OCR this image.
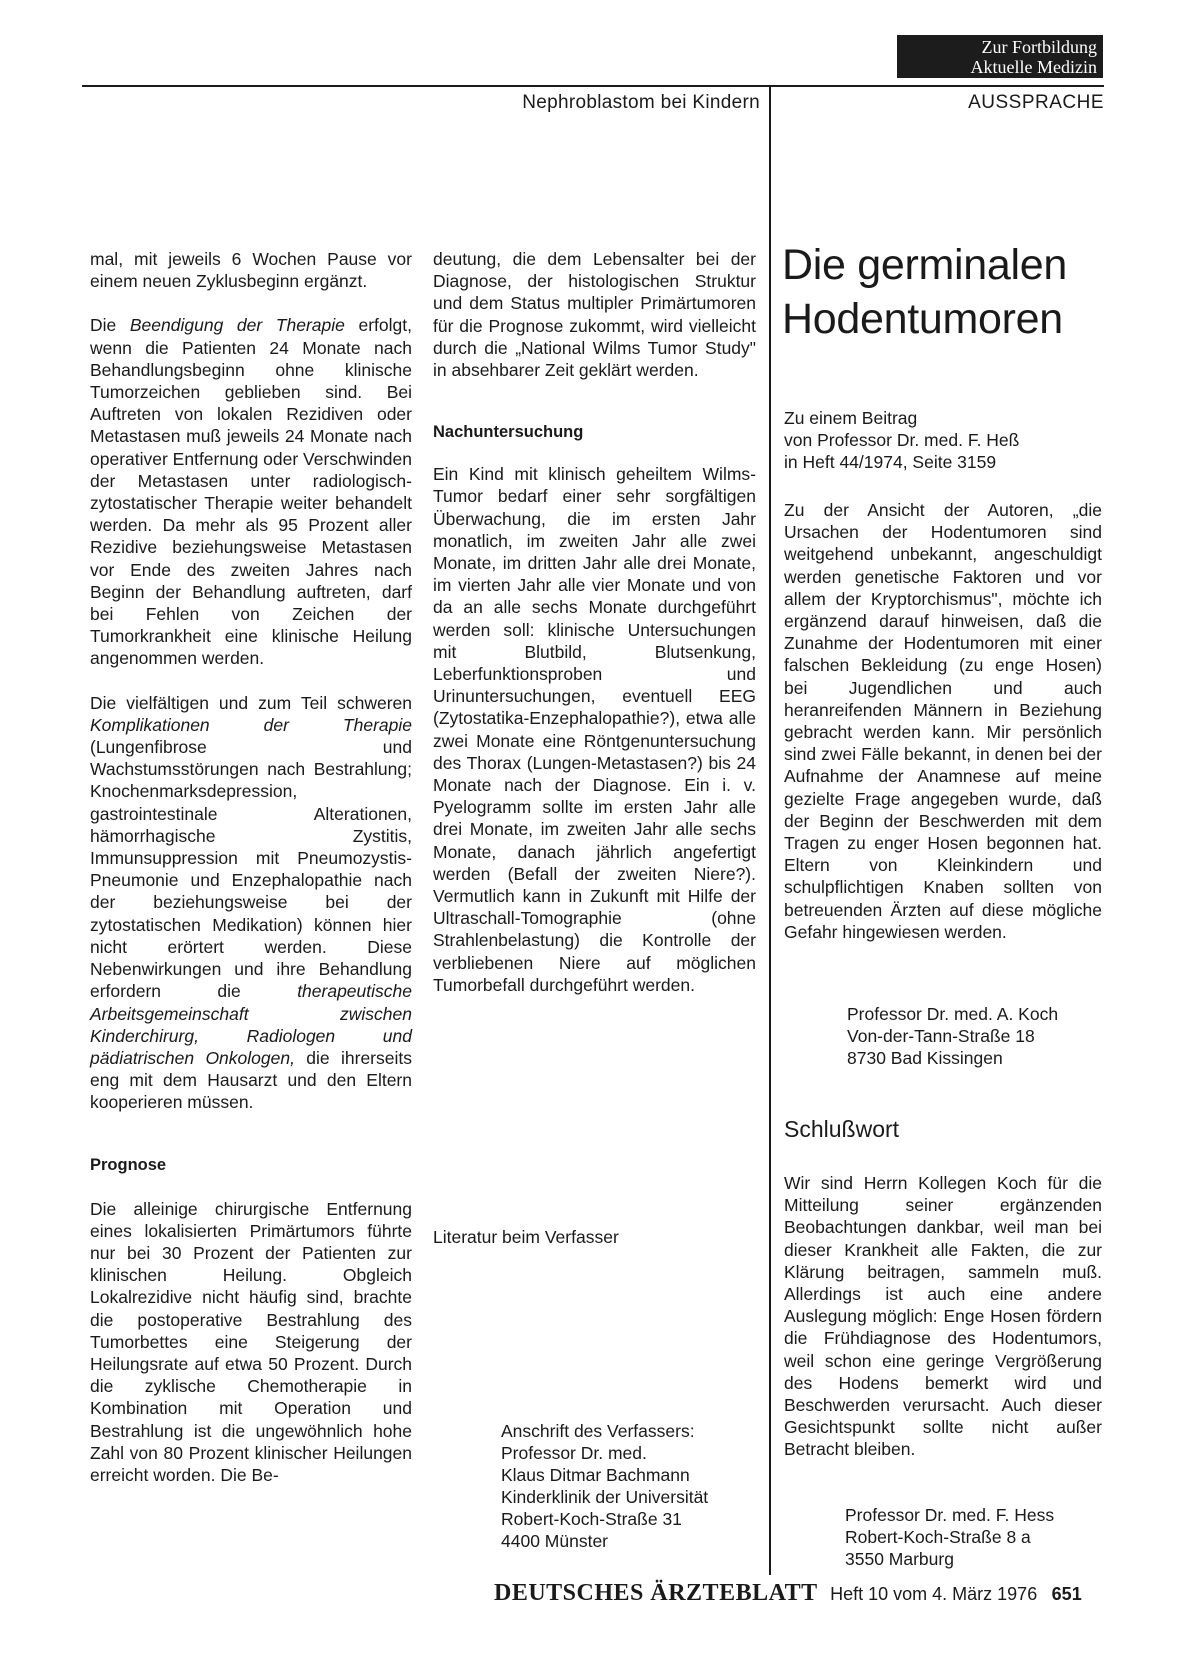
Zur Fortbildung
Aktuelle Medizin
Nephroblastom bei Kindern	AUSSPRACHE

mal, mit jeweils 6 Wochen Pause vor einem neuen Zyklusbeginn ergänzt.

Die Beendigung der Therapie erfolgt, wenn die Patienten 24 Monate nach Behandlungsbeginn ohne klinische Tumorzeichen geblieben sind. Bei Auftreten von lokalen Rezidiven oder Metastasen muß jeweils 24 Monate nach operativer Entfernung oder Verschwinden der Metastasen unter radiologisch-zytostatischer Therapie weiter behandelt werden. Da mehr als 95 Prozent aller Rezidive beziehungsweise Metastasen vor Ende des zweiten Jahres nach Beginn der Behandlung auftreten, darf bei Fehlen von Zeichen der Tumorkrankheit eine klinische Heilung angenommen werden.

Die vielfältigen und zum Teil schweren Komplikationen der Therapie (Lungenfibrose und Wachstumsstörungen nach Bestrahlung; Knochenmarksdepression, gastrointestinale Alterationen, hämorrhagische Zystitis, Immunsuppression mit Pneumozystis-Pneumonie und Enzephalopathie nach der beziehungsweise bei der zytostatischen Medikation) können hier nicht erörtert werden. Diese Nebenwirkungen und ihre Behandlung erfordern die therapeutische Arbeitsgemeinschaft zwischen Kinderchirurg, Radiologen und pädiatrischen Onkologen, die ihrerseits eng mit dem Hausarzt und den Eltern kooperieren müssen.

Prognose

Die alleinige chirurgische Entfernung eines lokalisierten Primärtumors führte nur bei 30 Prozent der Patienten zur klinischen Heilung. Obgleich Lokalrezidive nicht häufig sind, brachte die postoperative Bestrahlung des Tumorbettes eine Steigerung der Heilungsrate auf etwa 50 Prozent. Durch die zyklische Chemotherapie in Kombination mit Operation und Bestrahlung ist die ungewöhnlich hohe Zahl von 80 Prozent klinischer Heilungen erreicht worden. Die Be-

deutung, die dem Lebensalter bei der Diagnose, der histologischen Struktur und dem Status multipler Primärtumoren für die Prognose zukommt, wird vielleicht durch die „National Wilms Tumor Study" in absehbarer Zeit geklärt werden.

Nachuntersuchung

Ein Kind mit klinisch geheiltem Wilms-Tumor bedarf einer sehr sorgfältigen Überwachung, die im ersten Jahr monatlich, im zweiten Jahr alle zwei Monate, im dritten Jahr alle drei Monate, im vierten Jahr alle vier Monate und von da an alle sechs Monate durchgeführt werden soll: klinische Untersuchungen mit Blutbild, Blutsenkung, Leberfunktionsproben und Urinuntersuchungen, eventuell EEG (Zytostatika-Enzephalopathie?), etwa alle zwei Monate eine Röntgenuntersuchung des Thorax (Lungen-Metastasen?) bis 24 Monate nach der Diagnose. Ein i. v. Pyelogramm sollte im ersten Jahr alle drei Monate, im zweiten Jahr alle sechs Monate, danach jährlich angefertigt werden (Befall der zweiten Niere?). Vermutlich kann in Zukunft mit Hilfe der Ultraschall-Tomographie (ohne Strahlenbelastung) die Kontrolle der verbliebenen Niere auf möglichen Tumorbefall durchgeführt werden.

Literatur beim Verfasser
Anschrift des Verfassers:
Professor Dr. med.
Klaus Ditmar Bachmann
Kinderklinik der Universität
Robert-Koch-Straße 31
4400 Münster
Die germinalen
Hodentumoren
Zu einem Beitrag
von Professor Dr. med. F. Heß
in Heft 44/1974, Seite 3159

Zu der Ansicht der Autoren, „die Ursachen der Hodentumoren sind weitgehend unbekannt, angeschuldigt werden genetische Faktoren und vor allem der Kryptorchismus", möchte ich ergänzend darauf hinweisen, daß die Zunahme der Hodentumoren mit einer falschen Bekleidung (zu enge Hosen) bei Jugendlichen und auch heranreifenden Männern in Beziehung gebracht werden kann. Mir persönlich sind zwei Fälle bekannt, in denen bei der Aufnahme der Anamnese auf meine gezielte Frage angegeben wurde, daß der Beginn der Beschwerden mit dem Tragen zu enger Hosen begonnen hat. Eltern von Kleinkindern und schulpflichtigen Knaben sollten von betreuenden Ärzten auf diese mögliche Gefahr hingewiesen werden.

Professor Dr. med. A. Koch
Von-der-Tann-Straße 18
8730 Bad Kissingen
Schlußwort

Wir sind Herrn Kollegen Koch für die Mitteilung seiner ergänzenden Beobachtungen dankbar, weil man bei dieser Krankheit alle Fakten, die zur Klärung beitragen, sammeln muß. Allerdings ist auch eine andere Auslegung möglich: Enge Hosen fördern die Frühdiagnose des Hodentumors, weil schon eine geringe Vergrößerung des Hodens bemerkt wird und Beschwerden verursacht. Auch dieser Gesichtspunkt sollte nicht außer Betracht bleiben.

Professor Dr. med. F. Hess
Robert-Koch-Straße 8 a
3550 Marburg
DEUTSCHES ÄRZTEBLATT Heft 10 vom 4. März 1976 651
